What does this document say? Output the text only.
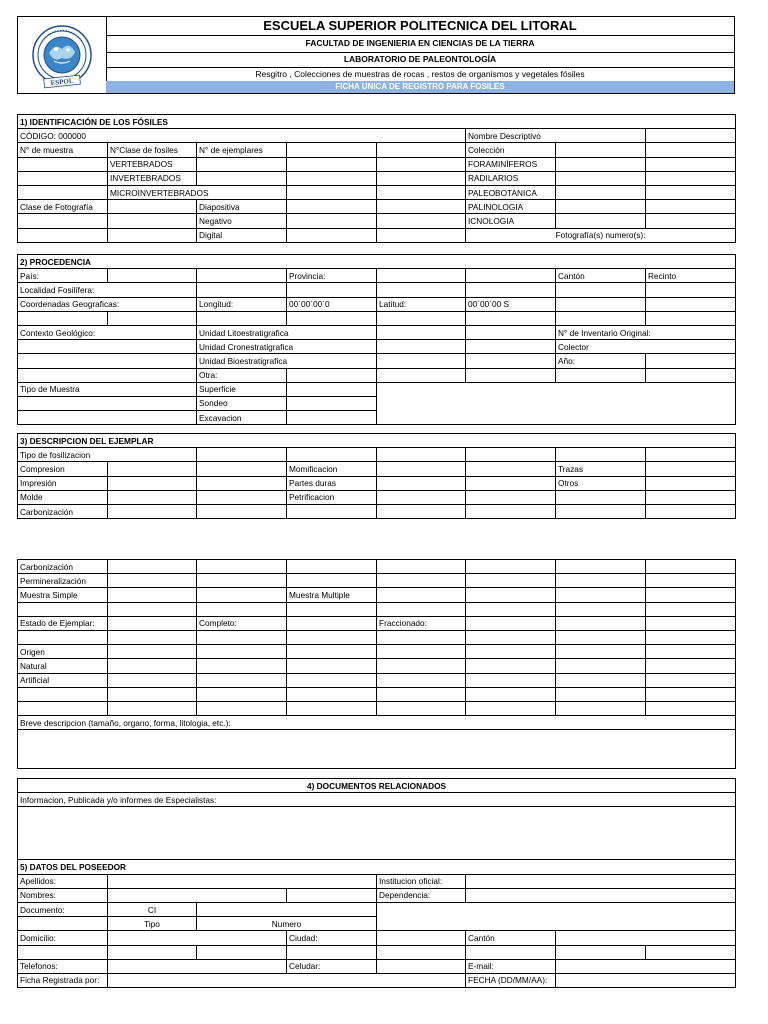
ESPOL
ESCUELA SUPERIOR POLITECNICA DEL LITORAL
FACULTAD DE INGENIERIA EN CIENCIAS DE LA TIERRA
LABORATORIO DE PALEONTOLOGÍA
Resgitro , Colecciones de muestras de rocas , restos de organismos y vegetales fósiles
FICHA UNICA DE REGISTRO PARA FOSILES
1) IDENTIFICACIÓN DE LOS FÓSILES							
CÓDIGO: 000000					Nombre Descriptivo		
N° de muestra	N°Clase de fosiles	N° de ejemplares			Colección		
	VERTEBRADOS				FORAMINÍFEROS		
	INVERTEBRADOS				RADILARIOS		
	MICROINVERTEBRADOS				PALEOBOTANICA		
Clase de Fotografía		Diapositiva			PALINOLOGIA		
		Negativo			ICNOLOGIA		
		Digital			Fotografía(s) numero(s):		
2) PROCEDENCIA							
País:			Provincia:			Cantón	Recinto
Localidad Fosilífera:							
Coordenadas Geograficas:		Longitud:	00´00´00´0	Latitud:	00´00´00 S		

Contexto Geológico:		Unidad Litoestratigrafica				N° de Inventario Original:	
		Unidad Cronestratigrafica				Colector	
		Unidad Bioestratigrafica				Año:	
		Otra:					
Tipo de Muestra		Superficie					
		Sondeo					
		Excavacion					
3) DESCRIPCION DEL EJEMPLAR							
Tipo de fosilizacion							
Compresion			Momificacion			Trazas	
Impresión			Partes duras			Otros	
Molde			Petrificacion				
Carbonización							
Carbonización							
Permineralización							
Muestra Simple			Muestra Multiple				

Estado de Ejemplar:		Completo:		Fraccionado:			

Origen							
Natural							
Artificial							

Breve descripcion (tamaño, organo, forma, litologia, etc.):							

4) DOCUMENTOS RELACIONADOS							
Informacion, Publicada y/o informes de Especialistas:							

5) DATOS DEL POSEEDOR							
Apellidos:				Institucion oficial:			
Nombres:				Dependencia:			
Documento:	CI						
	Tipo	Numero					
Domicilio:			Ciudad:		Cantón		

Telefonos:			Celudar:		E-mail:		
Ficha Registrada por:					FECHA (DD/MM/AA):		
